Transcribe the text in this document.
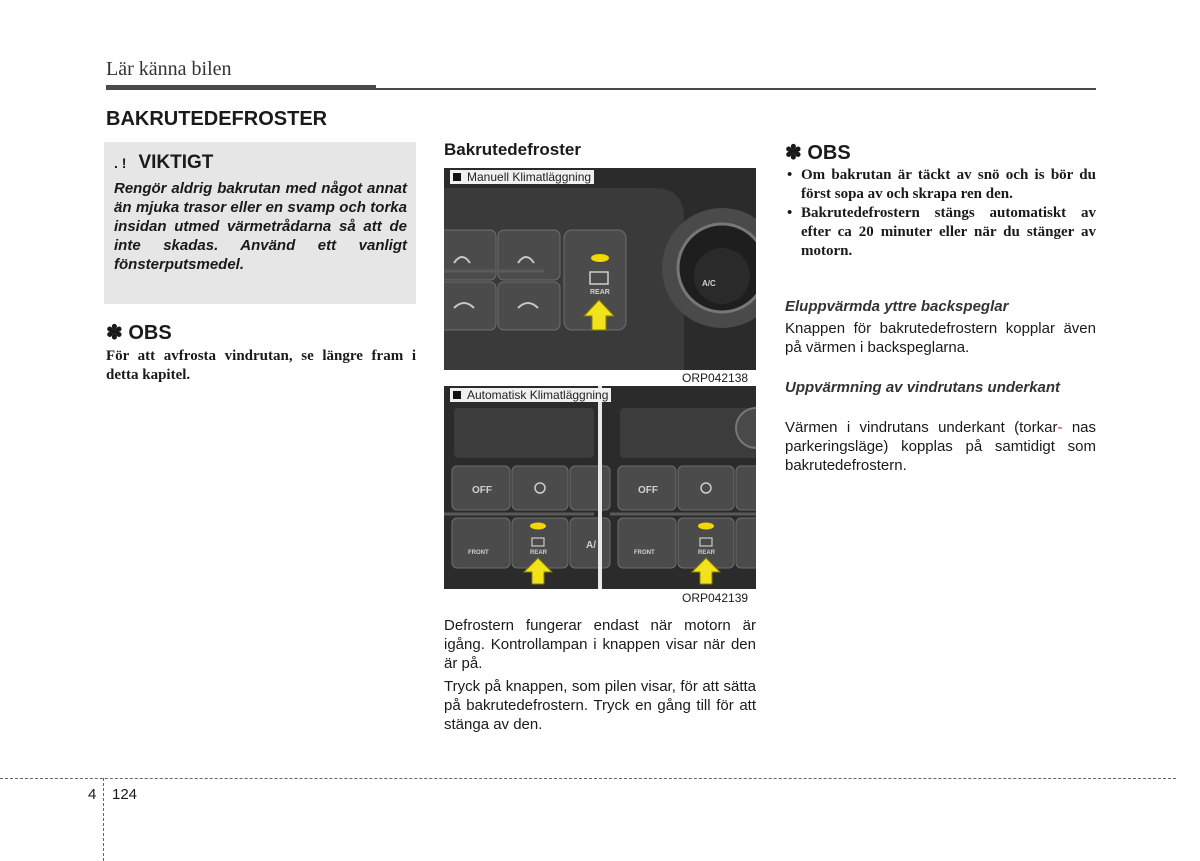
Lär känna bilen
BAKRUTEDEFROSTER
. ! VIKTIGT
Rengör aldrig bakrutan med något annat än mjuka trasor eller en svamp och torka insidan utmed värmetrådarna så att de inte skadas. Använd ett vanligt fönsterputsmedel.
✽ OBS
För att avfrosta vindrutan, se längre fram i detta kapitel.
Bakrutedefroster
REAR
A/C
Manuell Klimatläggning
ORP042138
OFF
FRONT	REAR
A/
OFF
FRONT	REAR
Automatisk Klimatläggning
ORP042139
Defrostern fungerar endast när motorn är igång. Kontrollampan i knappen visar när den är på.
Tryck på knappen, som pilen visar, för att sätta på bakrutedefrostern. Tryck en gång till för att stänga av den.
✽ OBS
• Om bakrutan är täckt av snö och is bör du först sopa av och skrapa ren den.
• Bakrutedefrostern stängs automatiskt av efter ca 20 minuter eller när du stänger av motorn.
Eluppvärmda yttre backspeglar
Knappen för bakrutedefrostern kopplar även på värmen i backspeglarna.
Uppvärmning av vindrutans underkant
Värmen i vindrutans underkant (torkar- nas parkeringsläge) kopplas på samtidigt som bakrutedefrostern.
4 124
